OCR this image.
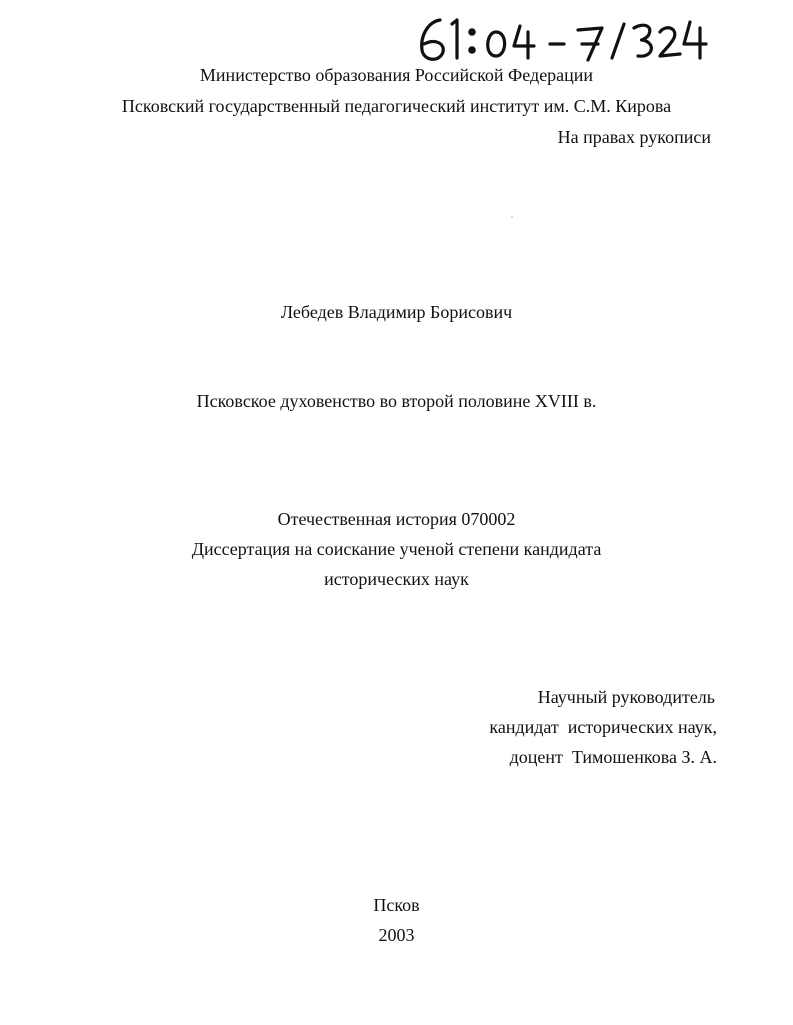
Министерство образования Российской Федерации
Псковский государственный педагогический институт им. С.М. Кирова
На правах рукописи
Лебедев Владимир Борисович
Псковское духовенство во второй половине XVIII в.
Отечественная история 070002
Диссертация на соискание ученой степени кандидата
исторических наук
Научный руководитель
кандидат  исторических наук,
доцент  Тимошенкова З. А.
Псков
2003
